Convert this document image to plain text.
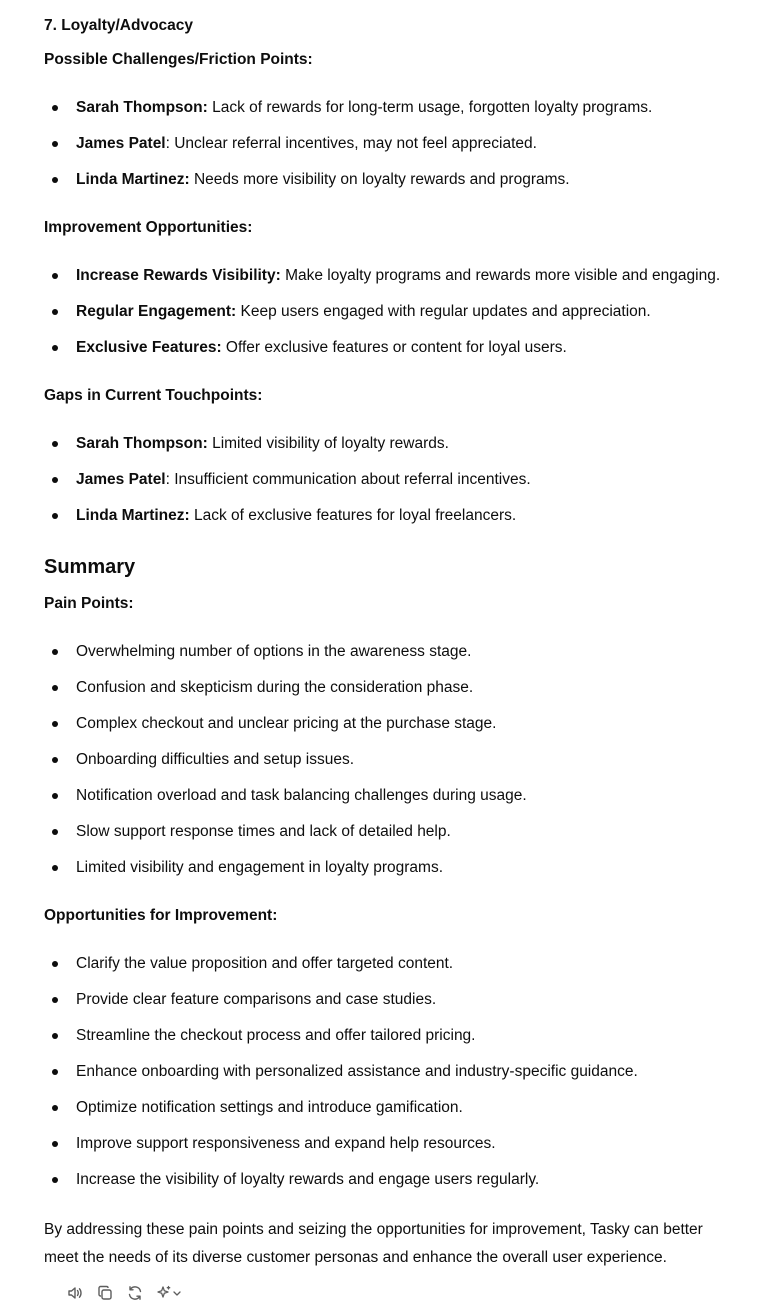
7. Loyalty/Advocacy
Possible Challenges/Friction Points:
Sarah Thompson: Lack of rewards for long-term usage, forgotten loyalty programs.
James Patel: Unclear referral incentives, may not feel appreciated.
Linda Martinez: Needs more visibility on loyalty rewards and programs.
Improvement Opportunities:
Increase Rewards Visibility: Make loyalty programs and rewards more visible and engaging.
Regular Engagement: Keep users engaged with regular updates and appreciation.
Exclusive Features: Offer exclusive features or content for loyal users.
Gaps in Current Touchpoints:
Sarah Thompson: Limited visibility of loyalty rewards.
James Patel: Insufficient communication about referral incentives.
Linda Martinez: Lack of exclusive features for loyal freelancers.
Summary
Pain Points:
Overwhelming number of options in the awareness stage.
Confusion and skepticism during the consideration phase.
Complex checkout and unclear pricing at the purchase stage.
Onboarding difficulties and setup issues.
Notification overload and task balancing challenges during usage.
Slow support response times and lack of detailed help.
Limited visibility and engagement in loyalty programs.
Opportunities for Improvement:
Clarify the value proposition and offer targeted content.
Provide clear feature comparisons and case studies.
Streamline the checkout process and offer tailored pricing.
Enhance onboarding with personalized assistance and industry-specific guidance.
Optimize notification settings and introduce gamification.
Improve support responsiveness and expand help resources.
Increase the visibility of loyalty rewards and engage users regularly.
By addressing these pain points and seizing the opportunities for improvement, Tasky can better meet the needs of its diverse customer personas and enhance the overall user experience.
